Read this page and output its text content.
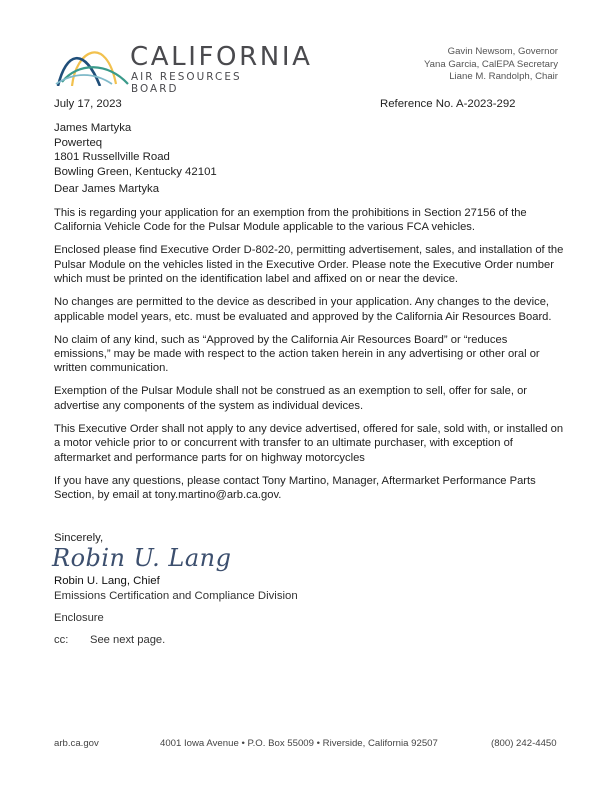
CALIFORNIA
AIR RESOURCES BOARD
Gavin Newsom, Governor
Yana Garcia, CalEPA Secretary
Liane M. Randolph, Chair
July 17, 2023	Reference No. A-2023-292
James Martyka
Powerteq
1801 Russellville Road
Bowling Green, Kentucky 42101
Dear James Martyka

This is regarding your application for an exemption from the prohibitions in Section 27156 of the California Vehicle Code for the Pulsar Module applicable to the various FCA vehicles.

Enclosed please find Executive Order D-802-20, permitting advertisement, sales, and installation of the Pulsar Module on the vehicles listed in the Executive Order. Please note the Executive Order number which must be printed on the identification label and affixed on or near the device.

No changes are permitted to the device as described in your application. Any changes to the device, applicable model years, etc. must be evaluated and approved by the California Air Resources Board.

No claim of any kind, such as “Approved by the California Air Resources Board” or “reduces emissions,” may be made with respect to the action taken herein in any advertising or other oral or written communication.

Exemption of the Pulsar Module shall not be construed as an exemption to sell, offer for sale, or advertise any components of the system as individual devices.

This Executive Order shall not apply to any device advertised, offered for sale, sold with, or installed on a motor vehicle prior to or concurrent with transfer to an ultimate purchaser, with exception of aftermarket and performance parts for on highway motorcycles

If you have any questions, please contact Tony Martino, Manager, Aftermarket Performance Parts Section, by email at tony.martino@arb.ca.gov.

Sincerely,
Robin U. Lang
Robin U. Lang, Chief
Emissions Certification and Compliance Division
Enclosure
cc: See next page.
arb.ca.gov	4001 Iowa Avenue • P.O. Box 55009 • Riverside, California 92507	(800) 242-4450
